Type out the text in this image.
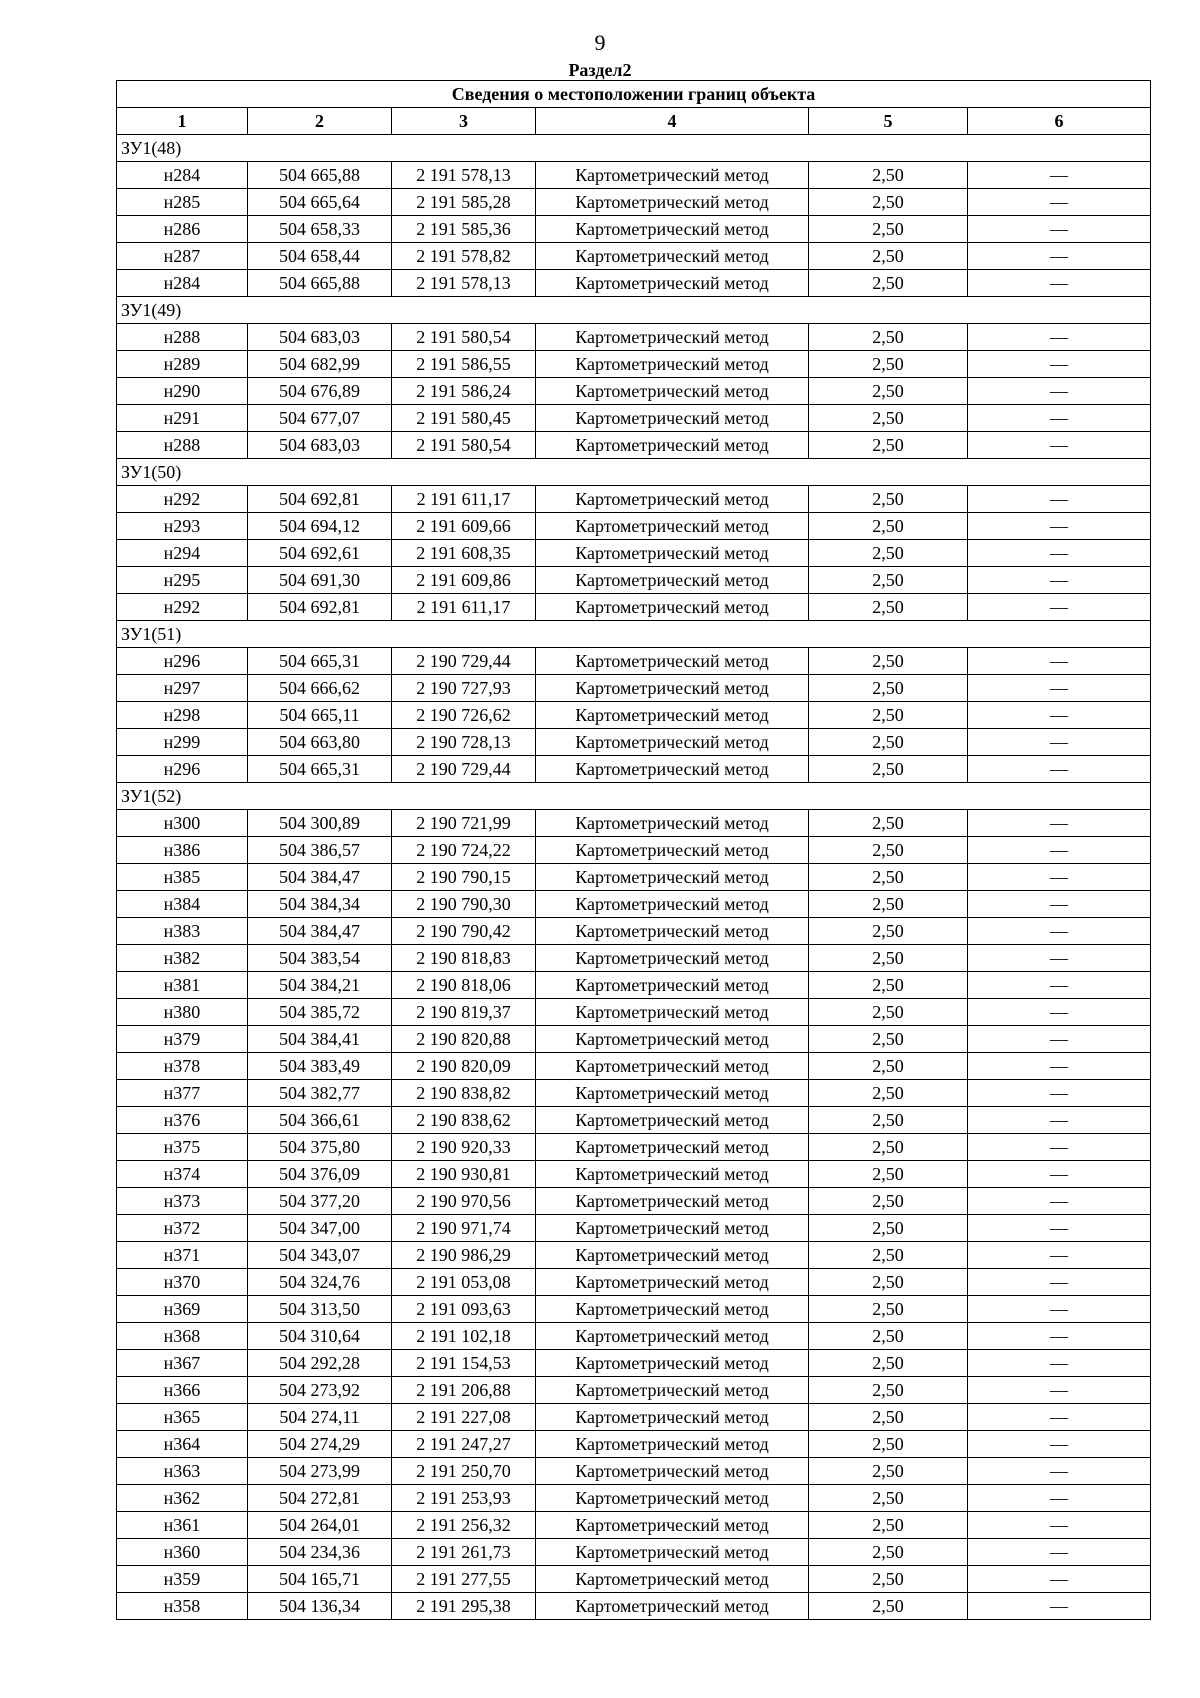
9
Раздел2
Сведения о местоположении границ объекта					
1	2	3	4	5	6
ЗУ1(48)					
н284	504 665,88	2 191 578,13	Картометрический метод	2,50	—
н285	504 665,64	2 191 585,28	Картометрический метод	2,50	—
н286	504 658,33	2 191 585,36	Картометрический метод	2,50	—
н287	504 658,44	2 191 578,82	Картометрический метод	2,50	—
н284	504 665,88	2 191 578,13	Картометрический метод	2,50	—
ЗУ1(49)					
н288	504 683,03	2 191 580,54	Картометрический метод	2,50	—
н289	504 682,99	2 191 586,55	Картометрический метод	2,50	—
н290	504 676,89	2 191 586,24	Картометрический метод	2,50	—
н291	504 677,07	2 191 580,45	Картометрический метод	2,50	—
н288	504 683,03	2 191 580,54	Картометрический метод	2,50	—
ЗУ1(50)					
н292	504 692,81	2 191 611,17	Картометрический метод	2,50	—
н293	504 694,12	2 191 609,66	Картометрический метод	2,50	—
н294	504 692,61	2 191 608,35	Картометрический метод	2,50	—
н295	504 691,30	2 191 609,86	Картометрический метод	2,50	—
н292	504 692,81	2 191 611,17	Картометрический метод	2,50	—
ЗУ1(51)					
н296	504 665,31	2 190 729,44	Картометрический метод	2,50	—
н297	504 666,62	2 190 727,93	Картометрический метод	2,50	—
н298	504 665,11	2 190 726,62	Картометрический метод	2,50	—
н299	504 663,80	2 190 728,13	Картометрический метод	2,50	—
н296	504 665,31	2 190 729,44	Картометрический метод	2,50	—
ЗУ1(52)					
н300	504 300,89	2 190 721,99	Картометрический метод	2,50	—
н386	504 386,57	2 190 724,22	Картометрический метод	2,50	—
н385	504 384,47	2 190 790,15	Картометрический метод	2,50	—
н384	504 384,34	2 190 790,30	Картометрический метод	2,50	—
н383	504 384,47	2 190 790,42	Картометрический метод	2,50	—
н382	504 383,54	2 190 818,83	Картометрический метод	2,50	—
н381	504 384,21	2 190 818,06	Картометрический метод	2,50	—
н380	504 385,72	2 190 819,37	Картометрический метод	2,50	—
н379	504 384,41	2 190 820,88	Картометрический метод	2,50	—
н378	504 383,49	2 190 820,09	Картометрический метод	2,50	—
н377	504 382,77	2 190 838,82	Картометрический метод	2,50	—
н376	504 366,61	2 190 838,62	Картометрический метод	2,50	—
н375	504 375,80	2 190 920,33	Картометрический метод	2,50	—
н374	504 376,09	2 190 930,81	Картометрический метод	2,50	—
н373	504 377,20	2 190 970,56	Картометрический метод	2,50	—
н372	504 347,00	2 190 971,74	Картометрический метод	2,50	—
н371	504 343,07	2 190 986,29	Картометрический метод	2,50	—
н370	504 324,76	2 191 053,08	Картометрический метод	2,50	—
н369	504 313,50	2 191 093,63	Картометрический метод	2,50	—
н368	504 310,64	2 191 102,18	Картометрический метод	2,50	—
н367	504 292,28	2 191 154,53	Картометрический метод	2,50	—
н366	504 273,92	2 191 206,88	Картометрический метод	2,50	—
н365	504 274,11	2 191 227,08	Картометрический метод	2,50	—
н364	504 274,29	2 191 247,27	Картометрический метод	2,50	—
н363	504 273,99	2 191 250,70	Картометрический метод	2,50	—
н362	504 272,81	2 191 253,93	Картометрический метод	2,50	—
н361	504 264,01	2 191 256,32	Картометрический метод	2,50	—
н360	504 234,36	2 191 261,73	Картометрический метод	2,50	—
н359	504 165,71	2 191 277,55	Картометрический метод	2,50	—
н358	504 136,34	2 191 295,38	Картометрический метод	2,50	—
